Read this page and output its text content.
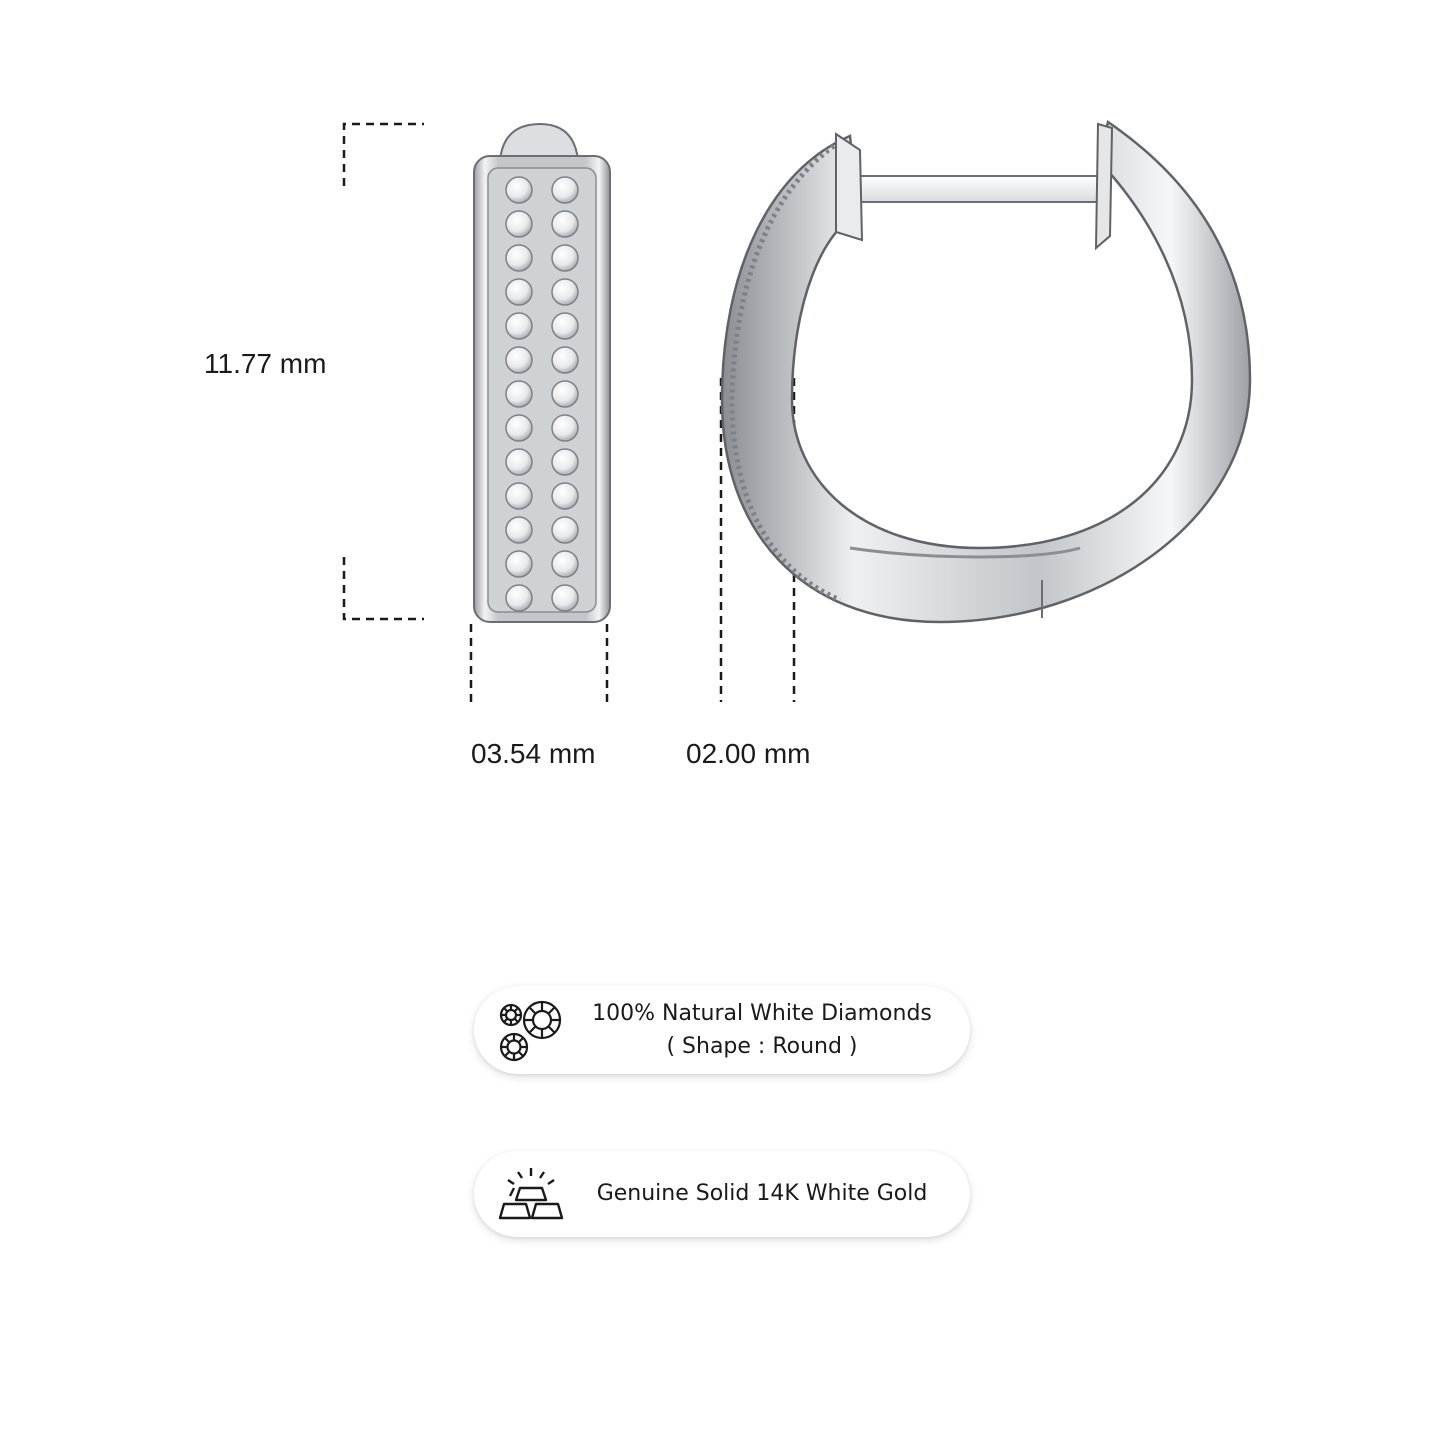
11.77 mm
03.54 mm	02.00 mm
100% Natural White Diamonds
( Shape : Round )
Genuine Solid 14K White Gold
